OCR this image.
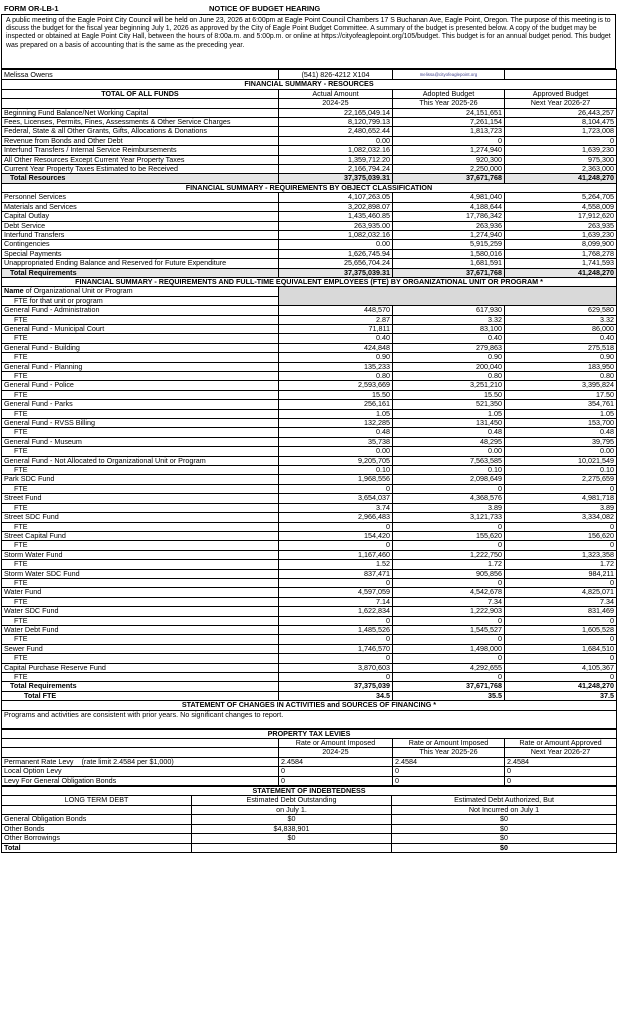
FORM OR-LB-1	NOTICE OF BUDGET HEARING
A public meeting of the Eagle Point City Council will be held on June 23, 2026 at 6:00pm at Eagle Point Council Chambers 17 S Buchanan Ave, Eagle Point, Oregon. The purpose of this meeting is to discuss the budget for the fiscal year beginning July 1, 2026 as approved by the City of Eagle Point Budget Committee. A summary of the budget is presented below. A copy of the budget may be inspected or obtained at Eagle Point City Hall, between the hours of 8:00a.m. and 5:00p.m. or online at https://cityofeaglepoint.org/105/budget. This budget is for an annual budget period. This budget was prepared on a basis of accounting that is the same as the preceding year.
Melissa Owens	(541) 826-4212 X104	melissa@cityofeaglepoint.org	
FINANCIAL SUMMARY - RESOURCES			
TOTAL OF ALL FUNDS	Actual Amount	Adopted Budget	Approved Budget
	2024-25	This Year 2025-26	Next Year 2026-27
Beginning Fund Balance/Net Working Capital	22,165,049.14	24,151,651	26,443,257
Fees, Licenses, Permits, Fines, Assessments & Other Service Charges	8,120,799.13	7,261,154	8,104,475
Federal, State & all Other Grants, Gifts, Allocations & Donations	2,480,652.44	1,813,723	1,723,008
Revenue from Bonds and Other Debt	0.00	0	0
Interfund Transfers / Internal Service Reimbursements	1,082,032.16	1,274,940	1,639,230
All Other Resources Except Current Year Property Taxes	1,359,712.20	920,300	975,300
Current Year Property Taxes Estimated to be Received	2,166,794.24	2,250,000	2,363,000
Total Resources	37,375,039.31	37,671,768	41,248,270
FINANCIAL SUMMARY - REQUIREMENTS BY OBJECT CLASSIFICATION			
Personnel Services	4,107,263.05	4,981,040	5,264,705
Materials and Services	3,202,898.07	4,188,644	4,558,009
Capital Outlay	1,435,460.85	17,786,342	17,912,620
Debt Service	263,935.00	263,936	263,935
Interfund Transfers	1,082,032.16	1,274,940	1,639,230
Contingencies	0.00	5,915,259	8,099,900
Special Payments	1,626,745.94	1,580,016	1,768,278
Unappropriated Ending Balance and Reserved for Future Expenditure	25,656,704.24	1,681,591	1,741,593
Total Requirements	37,375,039.31	37,671,768	41,248,270
FINANCIAL SUMMARY - REQUIREMENTS AND FULL-TIME EQUIVALENT EMPLOYEES (FTE) BY ORGANIZATIONAL UNIT OR PROGRAM *			
Name of Organizational Unit or Program			
FTE for that unit or program			
General Fund - Administration	448,570	617,930	629,580
FTE	2.87	3.32	3.32
General Fund - Municipal Court	71,811	83,100	86,000
FTE	0.40	0.40	0.40
General Fund - Building	424,848	279,863	275,518
FTE	0.90	0.90	0.90
General Fund - Planning	135,233	200,040	183,950
FTE	0.80	0.80	0.80
General Fund - Police	2,593,669	3,251,210	3,395,824
FTE	15.50	15.50	17.50
General Fund - Parks	256,161	521,350	354,761
FTE	1.05	1.05	1.05
General Fund - RVSS Billing	132,285	131,450	153,700
FTE	0.48	0.48	0.48
General Fund - Museum	35,738	48,295	39,795
FTE	0.00	0.00	0.00
General Fund - Not Allocated to Organizational Unit or Program	9,205,705	7,563,585	10,021,549
FTE	0.10	0.10	0.10
Park SDC Fund	1,968,556	2,098,649	2,275,659
FTE	0	0	0
Street Fund	3,654,037	4,368,576	4,981,718
FTE	3.74	3.89	3.89
Street SDC Fund	2,966,483	3,121,733	3,334,082
FTE	0	0	0
Street Capital Fund	154,420	155,620	156,620
FTE	0	0	0
Storm Water Fund	1,167,460	1,222,750	1,323,358
FTE	1.52	1.72	1.72
Storm Water SDC Fund	837,471	905,856	984,211
FTE	0	0	0
Water Fund	4,597,059	4,542,678	4,825,071
FTE	7.14	7.34	7.34
Water SDC Fund	1,622,834	1,222,903	831,469
FTE	0	0	0
Water Debt Fund	1,485,526	1,545,527	1,605,528
FTE	0	0	0
Sewer Fund	1,746,570	1,498,000	1,684,510
FTE	0	0	0
Capital Purchase Reserve Fund	3,870,603	4,292,655	4,105,367
FTE	0	0	0
Total Requirements	37,375,039	37,671,768	41,248,270
Total FTE	34.5	35.5	37.5
STATEMENT OF CHANGES IN ACTIVITIES and SOURCES OF FINANCING *			
Programs and activities are consistent with prior years. No significant changes to report.			
PROPERTY TAX LEVIES			
	Rate or Amount Imposed	Rate or Amount Imposed	Rate or Amount Approved
	2024-25	This Year 2025-26	Next Year 2026-27
Permanent Rate Levy (rate limit 2.4584 per $1,000)	2.4584	2.4584	2.4584
Local Option Levy	0	0	0
Levy For General Obligation Bonds	0	0	0
STATEMENT OF INDEBTEDNESS		
LONG TERM DEBT	Estimated Debt Outstanding	Estimated Debt Authorized, But
	on July 1.	Not Incurred on July 1
General Obligation Bonds	$0	$0
Other Bonds	$4,838,901	$0
Other Borrowings	$0	$0
Total		$0
